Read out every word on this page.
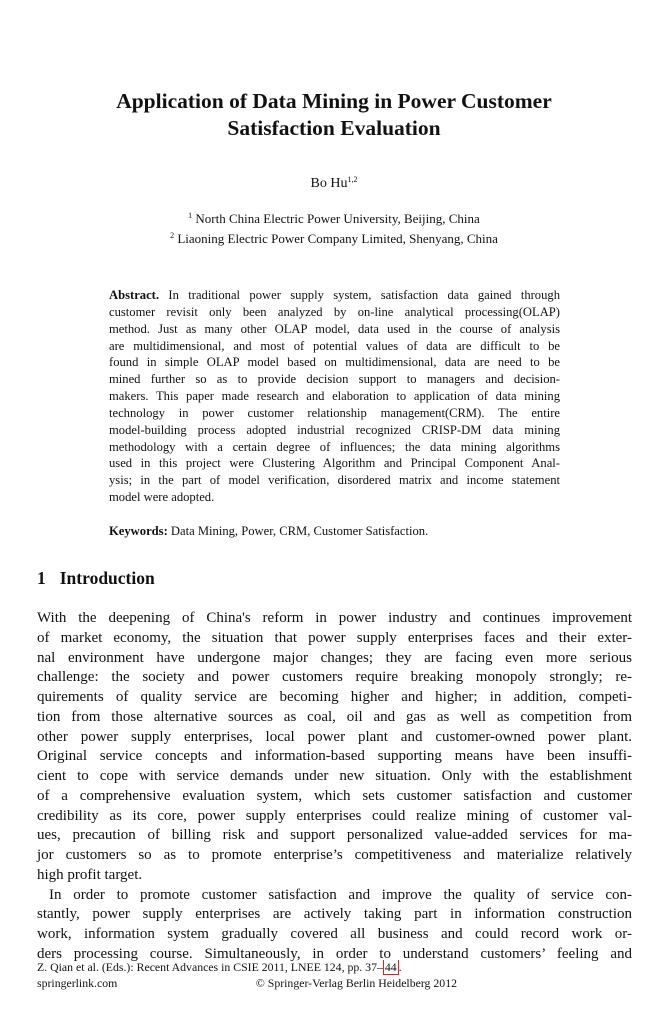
Application of Data Mining in Power Customer
Satisfaction Evaluation
Bo Hu$^{1,2}$
$^1$ North China Electric Power University, Beijing, China
$^2$ Liaoning Electric Power Company Limited, Shenyang, China
Abstract. In traditional power supply system, satisfaction data gained through
customer revisit only been analyzed by on-line analytical processing(OLAP)
method. Just as many other OLAP model, data used in the course of analysis
are multidimensional, and most of potential values of data are difficult to be
found in simple OLAP model based on multidimensional, data are need to be
mined further so as to provide decision support to managers and decision-
makers. This paper made research and elaboration to application of data mining
technology in power customer relationship management(CRM). The entire
model-building process adopted industrial recognized CRISP-DM data mining
methodology with a certain degree of influences; the data mining algorithms
used in this project were Clustering Algorithm and Principal Component Anal-
ysis; in the part of model verification, disordered matrix and income statement
model were adopted.
Keywords: Data Mining, Power, CRM, Customer Satisfaction.
1 Introduction
With the deepening of China's reform in power industry and continues improvement
of market economy, the situation that power supply enterprises faces and their exter-
nal environment have undergone major changes; they are facing even more serious
challenge: the society and power customers require breaking monopoly strongly; re-
quirements of quality service are becoming higher and higher; in addition, competi-
tion from those alternative sources as coal, oil and gas as well as competition from
other power supply enterprises, local power plant and customer-owned power plant.
Original service concepts and information-based supporting means have been insuffi-
cient to cope with service demands under new situation. Only with the establishment
of a comprehensive evaluation system, which sets customer satisfaction and customer
credibility as its core, power supply enterprises could realize mining of customer val-
ues, precaution of billing risk and support personalized value-added services for ma-
jor customers so as to promote enterprise’s competitiveness and materialize relatively
high profit target.
In order to promote customer satisfaction and improve the quality of service con-
stantly, power supply enterprises are actively taking part in information construction
work, information system gradually covered all business and could record work or-
ders processing course. Simultaneously, in order to understand customers’ feeling and
Z. Qian et al. (Eds.): Recent Advances in CSIE 2011, LNEE 124, pp. 37– 44 .
springerlink.com	© Springer-Verlag Berlin Heidelberg 2012
